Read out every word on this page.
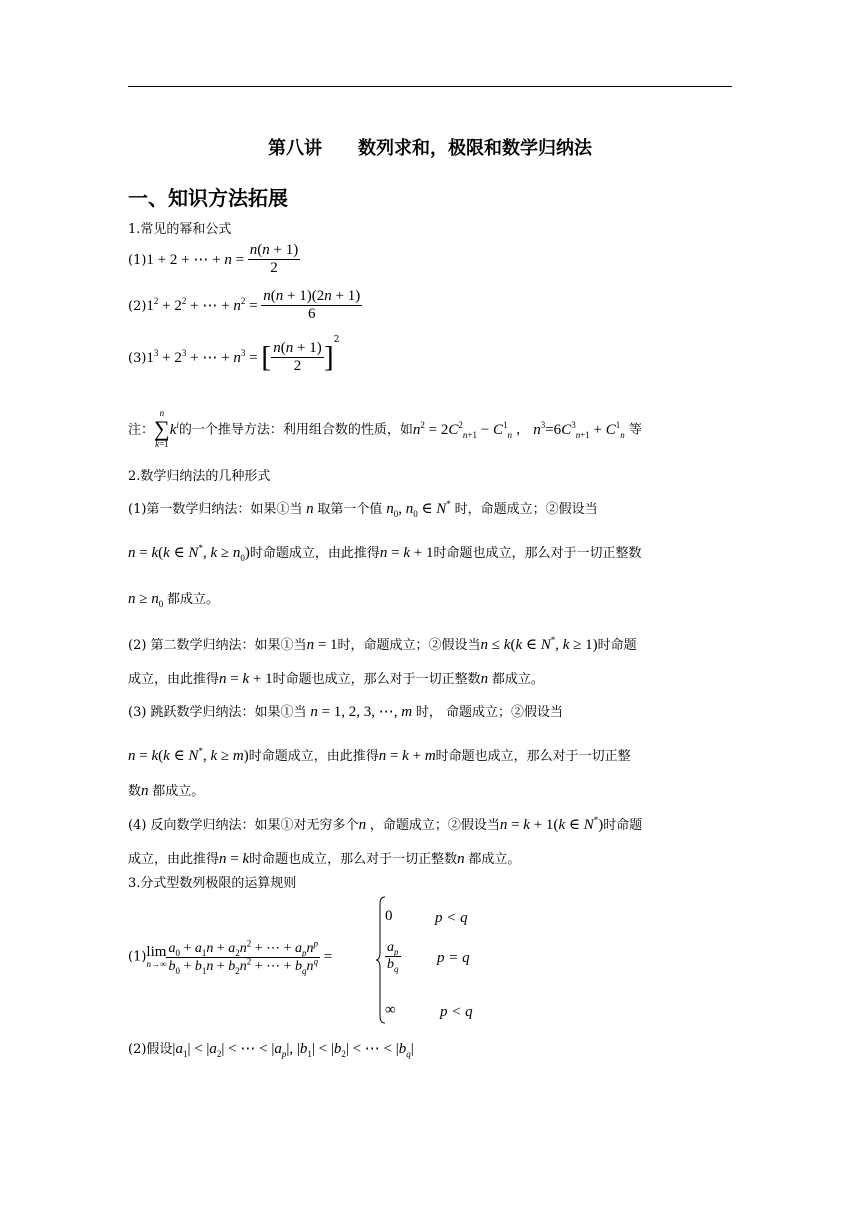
第八讲　　数列求和，极限和数学归纳法
一、知识方法拓展
1.常见的幂和公式
(1)1 + 2 + ⋯ + $n = \frac{n(n + 1)}{2}$
$(2)1^2 + 2^2$ + ⋯ + $n^2 = \frac{n(n + 1)(2n + 1)}{6}$
$(3)1^3 + 2^3$ + ⋯ + $n^3$ = [ $\frac{n(n + 1)}{2} ]^2$
注：
n
∑
k=1
$k^i$的一个推导方法：利用组合数的性质，如$n^2 = 2C^2_{n+1} - C^1_n$ ， $n^3=6C^3_{n+1} + C^1_n$ 等
2.数学归纳法的几种形式
(1)第一数学归纳法：如果①当 n 取第一个值 $n_0$, $n_0$ ∈ N* 时，命题成立；②假设当
n = k(k ∈ N*, $k \ge n_0$)时命题成立，由此推得n = k + 1时命题也成立，那么对于一切正整数
$n \ge n_0$ 都成立。
(2) 第二数学归纳法：如果①当n = 1时，命题成立；②假设当n ≤ k(k ∈ N*, k ≥ 1)时命题
成立，由此推得n = k + 1时命题也成立，那么对于一切正整数n 都成立。
(3) 跳跃数学归纳法：如果①当 n = 1, 2, 3, ⋯, m 时， 命题成立；②假设当
n = k(k ∈ N*, k ≥ m)时命题成立，由此推得n = k + m时命题也成立，那么对于一切正整
数n 都成立。
(4) 反向数学归纳法：如果①对无穷多个n ，命题成立；②假设当n = k + 1(k ∈ N*)时命题
成立，由此推得n = k时命题也成立，那么对于一切正整数n 都成立。
3.分式型数列极限的运算规则
(1) lim
$n\to\infty \frac{a_0 + a_1n + a_2n^2 + \cdots + a_pn^p}{b_0 + b_1n + b_2n^2 + \cdots + b_qn^q}$ =
0	p < q
$\frac{a_p}{b_q}$ p = q
∞	p < q
(2)假设$|a_1| < |a_2|$ < ⋯ < $|a_p|$, $|b_1| < |b_2|$ < ⋯ < $|b_q|$
